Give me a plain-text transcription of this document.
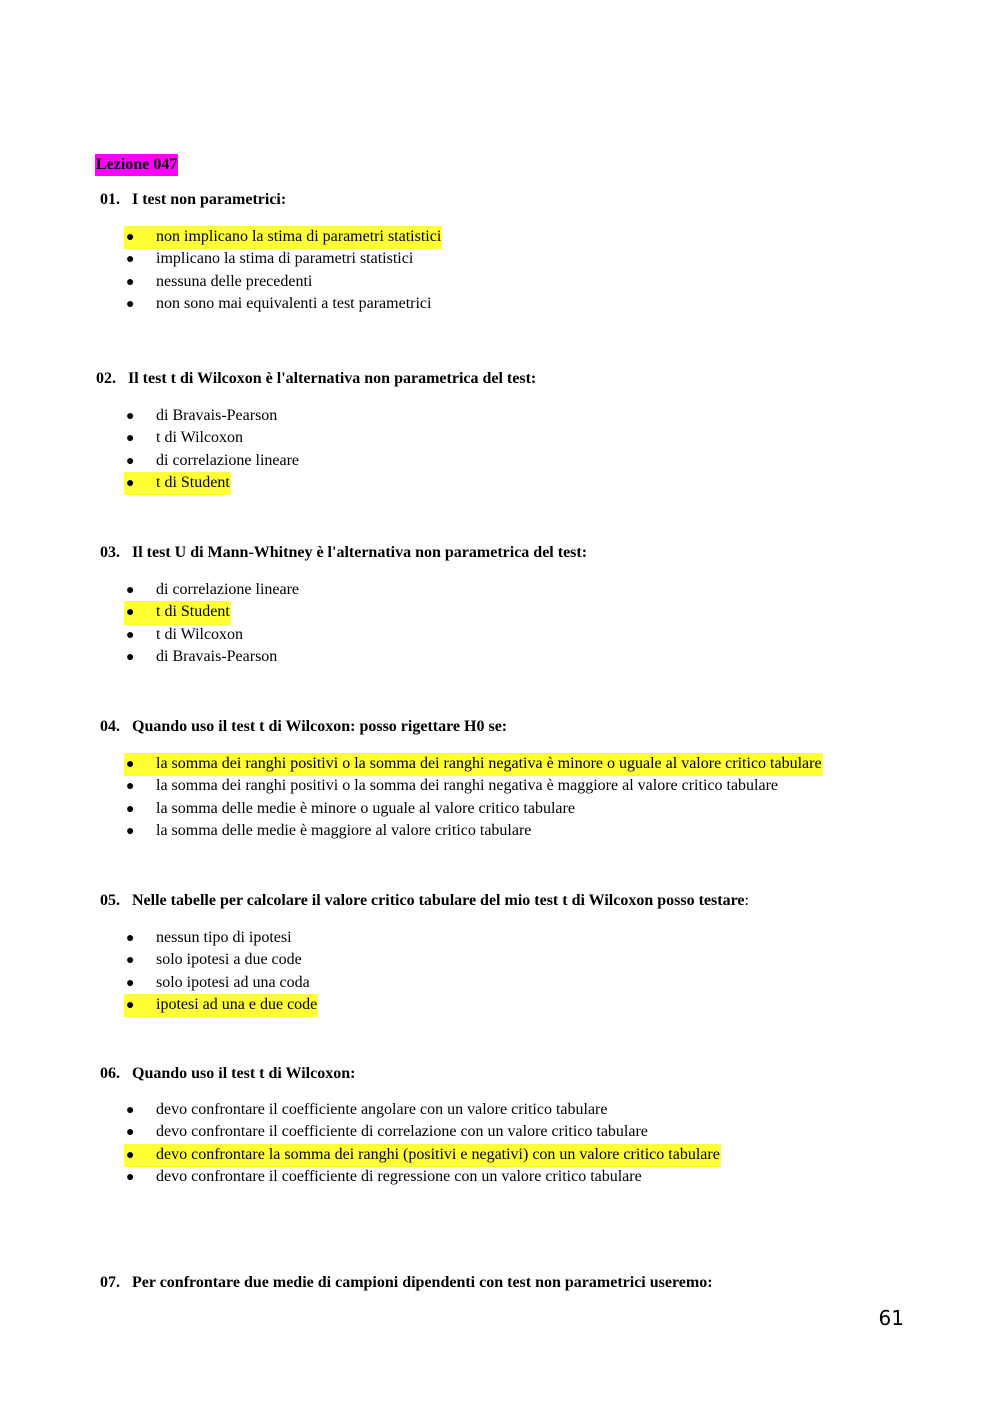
Lezione 047
01. I test non parametrici:
● non implicano la stima di parametri statistici
● implicano la stima di parametri statistici
● nessuna delle precedenti
● non sono mai equivalenti a test parametrici
02. Il test t di Wilcoxon è l'alternativa non parametrica del test:
● di Bravais-Pearson
● t di Wilcoxon
● di correlazione lineare
● t di Student
03. Il test U di Mann-Whitney è l'alternativa non parametrica del test:
● di correlazione lineare
● t di Student
● t di Wilcoxon
● di Bravais-Pearson
04. Quando uso il test t di Wilcoxon: posso rigettare H0 se:
● la somma dei ranghi positivi o la somma dei ranghi negativa è minore o uguale al valore critico tabulare
● la somma dei ranghi positivi o la somma dei ranghi negativa è maggiore al valore critico tabulare
● la somma delle medie è minore o uguale al valore critico tabulare
● la somma delle medie è maggiore al valore critico tabulare
05. Nelle tabelle per calcolare il valore critico tabulare del mio test t di Wilcoxon posso testare:
● nessun tipo di ipotesi
● solo ipotesi a due code
● solo ipotesi ad una coda
● ipotesi ad una e due code
06. Quando uso il test t di Wilcoxon:
● devo confrontare il coefficiente angolare con un valore critico tabulare
● devo confrontare il coefficiente di correlazione con un valore critico tabulare
● devo confrontare la somma dei ranghi (positivi e negativi) con un valore critico tabulare
● devo confrontare il coefficiente di regressione con un valore critico tabulare
07. Per confrontare due medie di campioni dipendenti con test non parametrici useremo:
61
